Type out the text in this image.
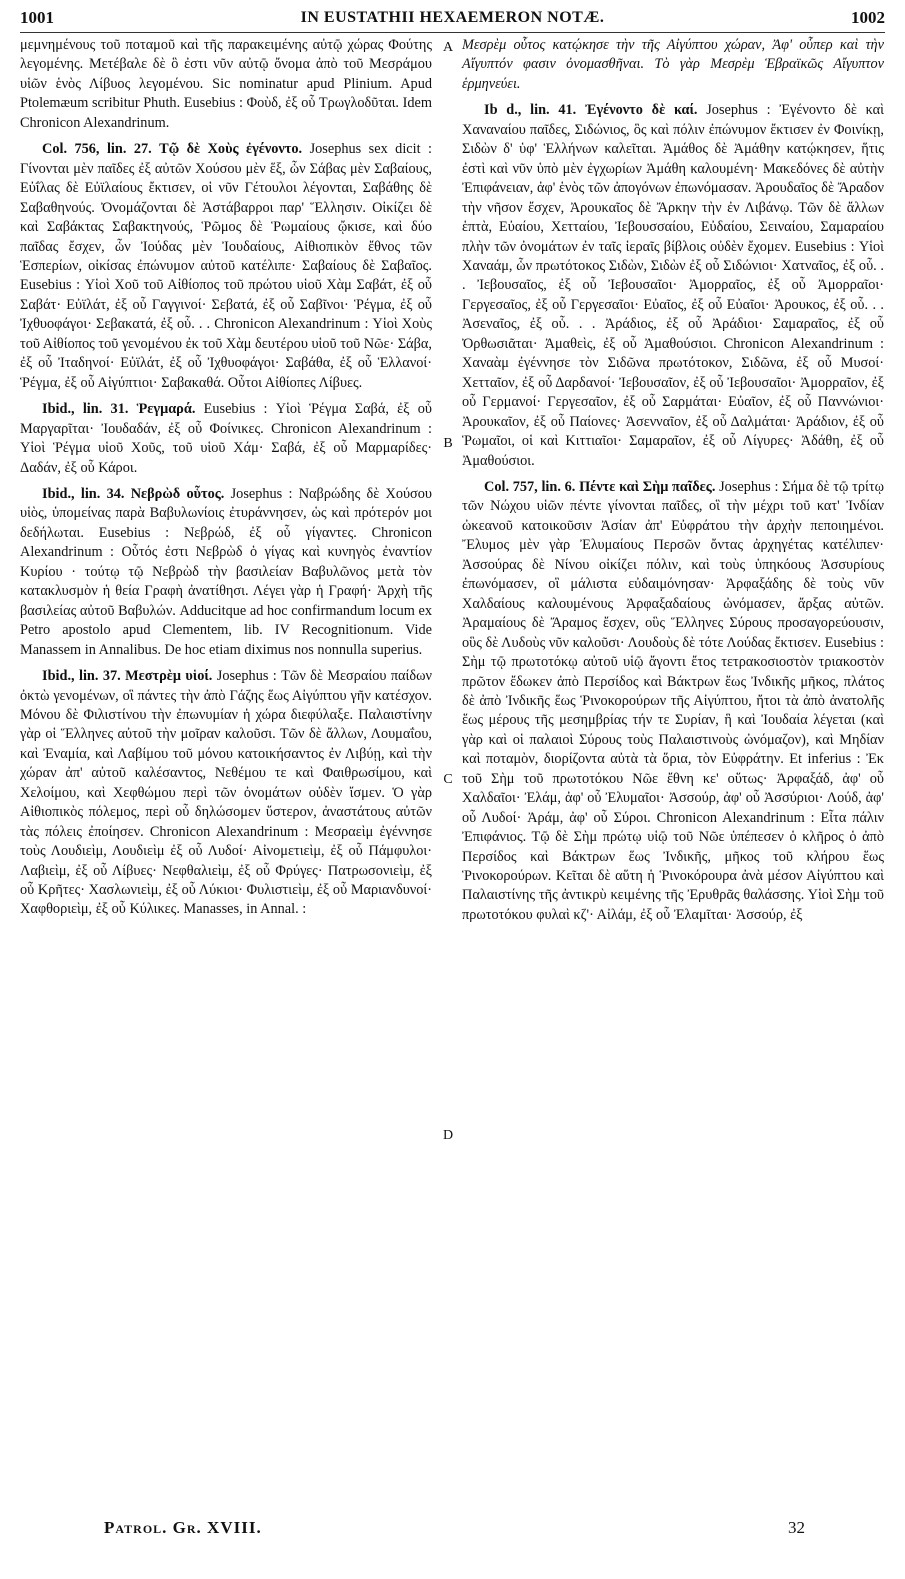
1001	IN EUSTATHII HEXAEMERON NOTÆ.	1002

μεμνημένους τοῦ ποταμοῦ καὶ τῆς παρακειμένης αὐτῷ χώρας Φούτης λεγομένης. Μετέβαλε δὲ ὃ ἐστι νῦν αὐτῷ ὄνομα ἀπὸ τοῦ Μεσράμου υἱῶν ἑνὸς Λίβυος λεγομένου. Sic nominatur apud Plinium. Apud Ptolemæum scribitur Phuth. Eusebius : Φοὺδ, ἐξ οὗ Τρωγλοδῦται. Idem Chronicon Alexandrinum.

Col. 756, lin. 27. Τῷ δὲ Χοὺς ἐγένοντο. Josephus sex dicit : Γίνονται μὲν παῖδες ἐξ αὐτῶν Χούσου μὲν ἕξ, ὧν Σάβας μὲν Σαβαίους, Εὐΐλας δὲ Εὐϊλαίους ἔκτισεν, οἱ νῦν Γέτουλοι λέγονται, Σαβάθης δὲ Σαβαθηνούς. Ὀνομάζονται δὲ Ἀστάβαρροι παρ' Ἕλλησιν. Οἰκίζει δὲ καὶ Σαβάκτας Σαβακτηνούς, Ῥῶμος δὲ Ῥωμαίους ᾤκισε, καὶ δύο παῖδας ἔσχεν, ὧν Ἰούδας μὲν Ἰουδαίους, Αἰθιοπικὸν ἔθνος τῶν Ἑσπερίων, οἰκίσας ἐπώνυμον αὐτοῦ κατέλιπε· Σαβαίους δὲ Σαβαῖος. Eusebius : Υἱοὶ Χοῦ τοῦ Αἰθίοπος τοῦ πρώτου υἱοῦ Χὰμ Σαβάτ, ἐξ οὗ Σαβάτ· Εὐϊλάτ, ἐξ οὗ Γαγγινοί· Σεβατά, ἐξ οὗ Σαβῖνοι· Ῥέγμα, ἐξ οὗ Ἰχθυοφάγοι· Σεβακατά, ἐξ οὗ. . . Chronicon Alexandrinum : Υἱοὶ Χοὺς τοῦ Αἰθίοπος τοῦ γενομένου ἐκ τοῦ Χὰμ δευτέρου υἱοῦ τοῦ Νῶε· Σάβα, ἐξ οὗ Ἰταδηνοί· Εὐϊλάτ, ἐξ οὗ Ἰχθυοφάγοι· Σαβάθα, ἐξ οὗ Ἑλλανοί· Ῥέγμα, ἐξ οὗ Αἰγύπτιοι· Σαβακαθά. Οὗτοι Αἰθίοπες Λίβυες.

Ibid., lin. 31. Ῥεγμαρά. Eusebius : Υἱοὶ Ῥέγμα Σαβά, ἐξ οὗ Μαργαρῖται· Ἰουδαδάν, ἐξ οὗ Φοίνικες. Chronicon Alexandrinum : Υἱοὶ Ῥέγμα υἱοῦ Χοῦς, τοῦ υἱοῦ Χάμ· Σαβά, ἐξ οὗ Μαρμαρίδες· Δαδάν, ἐξ οὗ Κάροι.

Ibid., lin. 34. Νεβρὼδ οὗτος. Josephus : Ναβρώδης δὲ Χούσου υἱὸς, ὑπομείνας παρὰ Βαβυλωνίοις ἐτυράννησεν, ὡς καὶ πρότερόν μοι δεδήλωται. Eusebius : Νεβρώδ, ἐξ οὗ γίγαντες. Chronicon Alexandrinum : Οὗτός ἐστι Νεβρὼδ ὁ γίγας καὶ κυνηγὸς ἐναντίον Κυρίου · τούτῳ τῷ Νεβρὼδ τὴν βασιλείαν Βαβυλῶνος μετὰ τὸν κατακλυσμὸν ἡ θεία Γραφὴ ἀνατίθησι. Λέγει γὰρ ἡ Γραφή· Ἀρχὴ τῆς βασιλείας αὐτοῦ Βαβυλών. Adducitque ad hoc confirmandum locum ex Petro apostolo apud Clementem, lib. IV Recognitionum. Vide Manassem in Annalibus. De hoc etiam diximus nos nonnulla superius.

Ibid., lin. 37. Μεστρὲμ υἱοί. Josephus : Τῶν δὲ Μεσραίου παίδων ὀκτὼ γενομένων, οἳ πάντες τὴν ἀπὸ Γάζης ἕως Αἰγύπτου γῆν κατέσχον. Μόνου δὲ Φιλιστίνου τὴν ἐπωνυμίαν ἡ χώρα διεφύλαξε. Παλαιστίνην γὰρ οἱ Ἕλληνες αὐτοῦ τὴν μοῖραν καλοῦσι. Τῶν δὲ ἄλλων, Λουμαΐου, καὶ Ἐναμία, καὶ Λαβίμου τοῦ μόνου κατοικήσαντος ἐν Λιβύῃ, καὶ τὴν χώραν ἀπ' αὐτοῦ καλέσαντος, Νεθέμου τε καὶ Φαιθρωσίμου, καὶ Χελοίμου, καὶ Χεφθώμου περὶ τῶν ὀνομάτων οὐδὲν ἴσμεν. Ὁ γὰρ Αἰθιοπικὸς πόλεμος, περὶ οὗ δηλώσομεν ὕστερον, ἀναστάτους αὐτῶν τὰς πόλεις ἐποίησεν. Chronicon Alexandrinum : Μεσραεὶμ ἐγέννησε τοὺς Λουδιεὶμ, Λουδιεὶμ ἐξ οὗ Λυδοί· Αἰνομετιεὶμ, ἐξ οὗ Πάμφυλοι· Λαβιεὶμ, ἐξ οὗ Λίβυες· Νεφθαλιεὶμ, ἐξ οὗ Φρύγες· Πατρωσονιεὶμ, ἐξ οὗ Κρῆτες· Χασλωνιεὶμ, ἐξ οὗ Λύκιοι· Φυλιστιεὶμ, ἐξ οὗ Μαριανδυνοί· Χαφθοριεὶμ, ἐξ οὗ Κύλικες. Manasses, in Annal. :

A
B
C
D

Μεσρὲμ οὗτος κατῴκησε τὴν τῆς Αἰγύπτου χώραν, Ἀφ' οὗπερ καὶ τὴν Αἴγυπτόν φασιν ὀνομασθῆναι. Τὸ γὰρ Μεσρὲμ Ἑβραϊκῶς Αἴγυπτον ἑρμηνεύει.

Ib d., lin. 41. Ἐγένοντο δὲ καί. Josephus : Ἐγένοντο δὲ καὶ Χαναναίου παῖδες, Σιδώνιος, ὃς καὶ πόλιν ἐπώνυμον ἔκτισεν ἐν Φοινίκῃ, Σιδὼν δ' ὑφ' Ἑλλήνων καλεῖται. Ἀμάθος δὲ Ἀμάθην κατῴκησεν, ἥτις ἐστὶ καὶ νῦν ὑπὸ μὲν ἐγχωρίων Ἀμάθη καλουμένη· Μακεδόνες δὲ αὐτὴν Ἐπιφάνειαν, ἀφ' ἑνὸς τῶν ἀπογόνων ἐπωνόμασαν. Ἀρουδαῖος δὲ Ἄραδον τὴν νῆσον ἔσχεν, Ἀρουκαῖος δὲ Ἄρκην τὴν ἐν Λιβάνῳ. Τῶν δὲ ἄλλων ἑπτὰ, Εὐαίου, Χετταίου, Ἰεβουσσαίου, Εὐδαίου, Σειναίου, Σαμαραίου πλὴν τῶν ὀνομάτων ἐν ταῖς ἱεραῖς βίβλοις οὐδὲν ἔχομεν. Eusebius : Υἱοὶ Χαναάμ, ὧν πρωτότοκος Σιδὼν, Σιδὼν ἐξ οὗ Σιδώνιοι· Χατναῖος, ἐξ οὗ. . . Ἰεβουσαῖος, ἐξ οὗ Ἰεβουσαῖοι· Ἀμορραῖος, ἐξ οὗ Ἀμορραῖοι· Γεργεσαῖος, ἐξ οὗ Γεργεσαῖοι· Εὐαῖος, ἐξ οὗ Εὐαῖοι· Ἀρουκος, ἐξ οὗ. . . Ἀσεναῖος, ἐξ οὗ. . . Ἀράδιος, ἐξ οὗ Ἀράδιοι· Σαμαραῖος, ἐξ οὗ Ὀρθωσιᾶται· Ἀμαθεὶς, ἐξ οὗ Ἀμαθούσιοι. Chronicon Alexandrinum : Χαναὰμ ἐγέννησε τὸν Σιδῶνα πρωτότοκον, Σιδῶνα, ἐξ οὗ Μυσοί· Χετταῖον, ἐξ οὗ Δαρδανοί· Ἰεβουσαῖον, ἐξ οὗ Ἰεβουσαῖοι· Ἀμορραῖον, ἐξ οὗ Γερμανοί· Γεργεσαῖον, ἐξ οὗ Σαρμάται· Εὐαῖον, ἐξ οὗ Παννώνιοι· Ἀρουκαῖον, ἐξ οὗ Παίονες· Ἀσενναῖον, ἐξ οὗ Δαλμάται· Ἀράδιον, ἐξ οὗ Ῥωμαῖοι, οἱ καὶ Κιττιαῖοι· Σαμαραῖον, ἐξ οὗ Λίγυρες· Ἀδάθη, ἐξ οὗ Ἀμαθούσιοι.

Col. 757, lin. 6. Πέντε καὶ Σὴμ παῖδες. Josephus : Σήμα δὲ τῷ τρίτῳ τῶν Νώχου υἱῶν πέντε γίνονται παῖδες, οἳ τὴν μέχρι τοῦ κατ' Ἰνδίαν ὠκεανοῦ κατοικοῦσιν Ἀσίαν ἀπ' Εὐφράτου τὴν ἀρχὴν πεποιημένοι. Ἔλυμος μὲν γὰρ Ἐλυμαίους Περσῶν ὄντας ἀρχηγέτας κατέλιπεν· Ἀσσούρας δὲ Νίνου οἰκίζει πόλιν, καὶ τοὺς ὑπηκόους Ἀσσυρίους ἐπωνόμασεν, οἳ μάλιστα εὐδαιμόνησαν· Ἀρφαξάδης δὲ τοὺς νῦν Χαλδαίους καλουμένους Ἀρφαξαδαίους ὠνόμασεν, ἄρξας αὐτῶν. Ἀραμαίους δὲ Ἄραμος ἔσχεν, οὓς Ἕλληνες Σύρους προσαγορεύουσιν, οὓς δὲ Λυδοὺς νῦν καλοῦσι· Λουδοὺς δὲ τότε Λούδας ἔκτισεν. Eusebius : Σὴμ τῷ πρωτοτόκῳ αὐτοῦ υἱῷ ἄγοντι ἔτος τετρακοσιοστὸν τριακοστὸν πρῶτον ἔδωκεν ἀπὸ Περσίδος καὶ Βάκτρων ἕως Ἰνδικῆς μῆκος, πλάτος δὲ ἀπὸ Ἰνδικῆς ἕως Ῥινοκορούρων τῆς Αἰγύπτου, ἤτοι τὰ ἀπὸ ἀνατολῆς ἕως μέρους τῆς μεσημβρίας τήν τε Συρίαν, ἣ καὶ Ἰουδαία λέγεται (καὶ γὰρ καὶ οἱ παλαιοὶ Σύρους τοὺς Παλαιστινοὺς ὠνόμαζον), καὶ Μηδίαν καὶ ποταμὸν, διορίζοντα αὐτὰ τὰ ὅρια, τὸν Εὐφράτην. Et inferius : Ἐκ τοῦ Σὴμ τοῦ πρωτοτόκου Νῶε ἔθνη κε' οὕτως· Ἀρφαξάδ, ἀφ' οὗ Χαλδαῖοι· Ἐλάμ, ἀφ' οὗ Ἐλυμαῖοι· Ἀσσούρ, ἀφ' οὗ Ἀσσύριοι· Λούδ, ἀφ' οὗ Λυδοί· Ἀράμ, ἀφ' οὗ Σύροι. Chronicon Alexandrinum : Εἶτα πάλιν Ἐπιφάνιος. Τῷ δὲ Σὴμ πρώτῳ υἱῷ τοῦ Νῶε ὑπέπεσεν ὁ κλῆρος ὁ ἀπὸ Περσίδος καὶ Βάκτρων ἕως Ἰνδικῆς, μῆκος τοῦ κλήρου ἕως Ῥινοκορούρων. Κεῖται δὲ αὕτη ἡ Ῥινοκόρουρα ἀνὰ μέσον Αἰγύπτου καὶ Παλαιστίνης τῆς ἀντικρὺ κειμένης τῆς Ἐρυθρᾶς θαλάσσης. Υἱοὶ Σὴμ τοῦ πρωτοτόκου φυλαὶ κζ'· Αἰλάμ, ἐξ οὗ Ἐλαμῖται· Ἀσσούρ, ἐξ

Patrol. Gr. XVIII.	32
